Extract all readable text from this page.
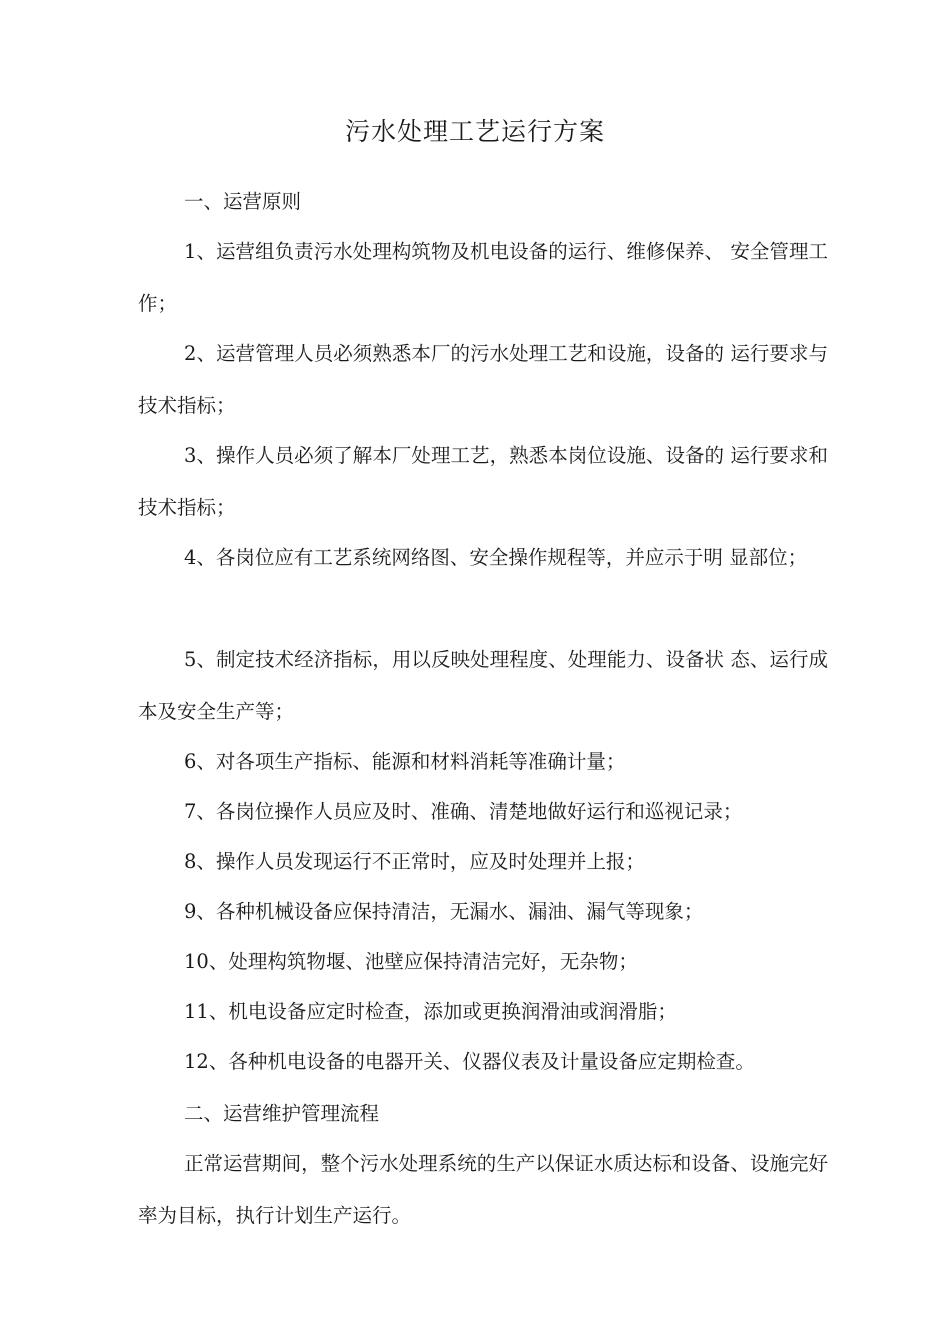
污水处理工艺运行方案

一、运营原则

1、运营组负责污水处理构筑物及机电设备的运行、维修保养、 安全管理工作；

2、运营管理人员必须熟悉本厂的污水处理工艺和设施，设备的 运行要求与技术指标；

3、操作人员必须了解本厂处理工艺，熟悉本岗位设施、设备的 运行要求和技术指标；

4、各岗位应有工艺系统网络图、安全操作规程等，并应示于明 显部位；

5、制定技术经济指标，用以反映处理程度、处理能力、设备状 态、运行成本及安全生产等；

6、对各项生产指标、能源和材料消耗等准确计量；

7、各岗位操作人员应及时、准确、清楚地做好运行和巡视记录；

8、操作人员发现运行不正常时，应及时处理并上报；

9、各种机械设备应保持清洁，无漏水、漏油、漏气等现象；

10、处理构筑物堰、池壁应保持清洁完好，无杂物；

11、机电设备应定时检查，添加或更换润滑油或润滑脂；

12、各种机电设备的电器开关、仪器仪表及计量设备应定期检查。

二、运营维护管理流程

正常运营期间，整个污水处理系统的生产以保证水质达标和设备、设施完好率为目标，执行计划生产运行。
